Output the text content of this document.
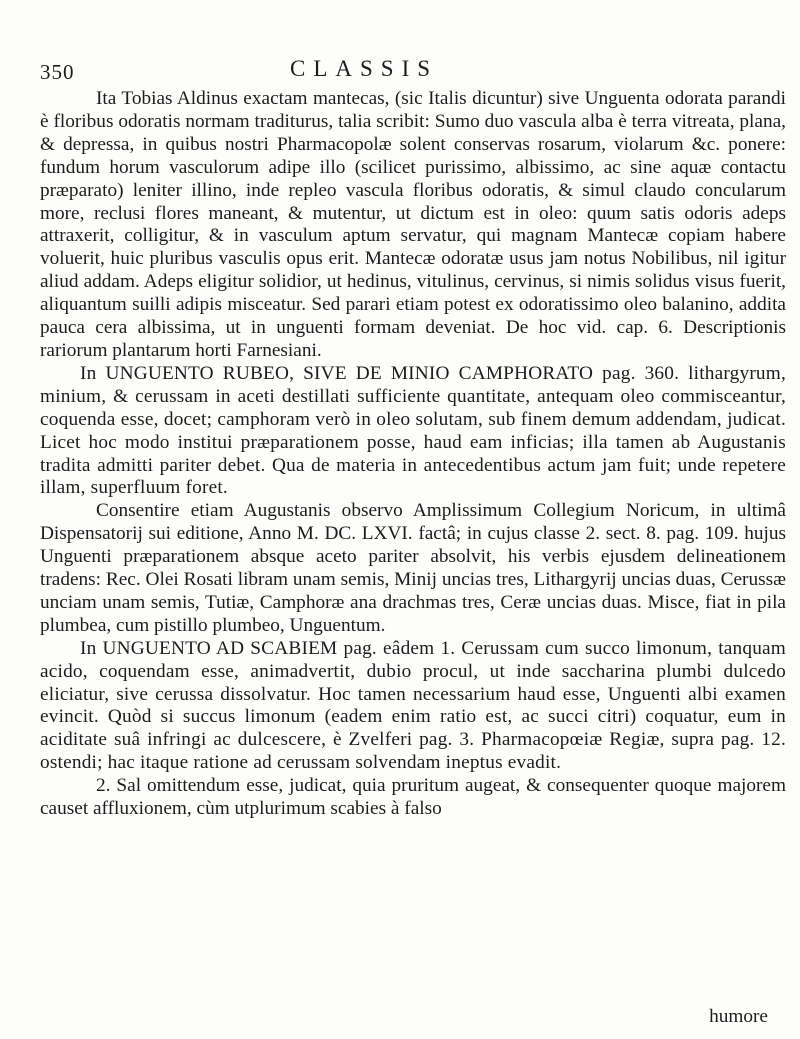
350	CLASSIS

Ita Tobias Aldinus exactam mantecas, (sic Italis dicuntur) sive Unguenta odorata parandi è floribus odoratis normam traditurus, talia scribit: Sumo duo vascula alba è terra vitreata, plana, & depressa, in quibus nostri Pharmacopolæ solent conservas rosarum, violarum &c. ponere: fundum horum vasculorum adipe illo (scilicet purissimo, albissimo, ac sine aquæ contactu præparato) leniter illino, inde repleo vascula floribus odoratis, & simul claudo concularum more, reclusi flores maneant, & mutentur, ut dictum est in oleo: quum satis odoris adeps attraxerit, colligitur, & in vasculum aptum servatur, qui magnam Mantecæ copiam habere voluerit, huic pluribus vasculis opus erit. Mantecæ odoratæ usus jam notus Nobilibus, nil igitur aliud addam. Adeps eligitur solidior, ut hedinus, vitulinus, cervinus, si nimis solidus visus fuerit, aliquantum suilli adipis misceatur. Sed parari etiam potest ex odoratissimo oleo balanino, addita pauca cera albissima, ut in unguenti formam deveniat. De hoc vid. cap. 6. Descriptionis rariorum plantarum horti Farnesiani.

In UNGUENTO RUBEO, SIVE DE MINIO CAMPHORATO pag. 360. lithargyrum, minium, & cerussam in aceti destillati sufficiente quantitate, antequam oleo commisceantur, coquenda esse, docet; camphoram verò in oleo solutam, sub finem demum addendam, judicat. Licet hoc modo institui præparationem posse, haud eam inficias; illa tamen ab Augustanis tradita admitti pariter debet. Qua de materia in antecedentibus actum jam fuit; unde repetere illam, superfluum foret.

Consentire etiam Augustanis observo Amplissimum Collegium Noricum, in ultimâ Dispensatorij sui editione, Anno M. DC. LXVI. factâ; in cujus classe 2. sect. 8. pag. 109. hujus Unguenti præparationem absque aceto pariter absolvit, his verbis ejusdem delineationem tradens: Rec. Olei Rosati libram unam semis, Minij uncias tres, Lithargyrij uncias duas, Cerussæ unciam unam semis, Tutiæ, Camphoræ ana drachmas tres, Ceræ uncias duas. Misce, fiat in pila plumbea, cum pistillo plumbeo, Unguentum.

In UNGUENTO AD SCABIEM pag. eâdem 1. Cerussam cum succo limonum, tanquam acido, coquendam esse, animadvertit, dubio procul, ut inde saccharina plumbi dulcedo eliciatur, sive cerussa dissolvatur. Hoc tamen necessarium haud esse, Unguenti albi examen evincit. Quòd si succus limonum (eadem enim ratio est, ac succi citri) coquatur, eum in aciditate suâ infringi ac dulcescere, è Zvelferi pag. 3. Pharmacopœiæ Regiæ, supra pag. 12. ostendi; hac itaque ratione ad cerussam solvendam ineptus evadit.

2. Sal omittendum esse, judicat, quia pruritum augeat, & consequenter quoque majorem causet affluxionem, cùm utplurimum scabies à falso

humore
